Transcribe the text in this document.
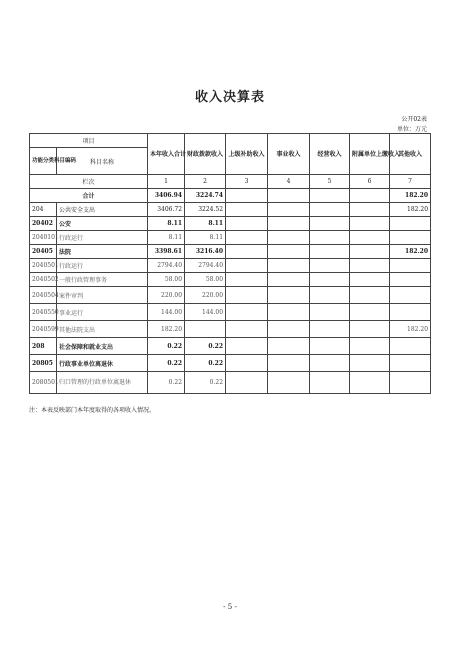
收入决算表
公开02表
单位：万元
项目		本年收入合计	财政拨款收入	上级补助收入	事业收入	经营收入	附属单位上缴收入	其他收入
功能分类科目编码	科目名称							
栏次		1	2	3	4	5	6	7
合计		3406.94	3224.74					182.20
204	公共安全支出	3406.72	3224.52					182.20
20402	公安	8.11	8.11					
2040101	行政运行	8.11	8.11					
20405	法院	3398.61	3216.40					182.20
2040501	行政运行	2794.40	2794.40					
2040502	一般行政管理事务	58.00	58.00					
2040504	案件审判	220.00	220.00					
2040550	事业运行	144.00	144.00					
2040599	其他法院支出	182.20						182.20
208	社会保障和就业支出	0.22	0.22					
20805	行政事业单位离退休	0.22	0.22					
2080501	归口管理的行政单位离退休	0.22	0.22					
注：本表反映部门本年度取得的各项收入情况。
- 5 -
